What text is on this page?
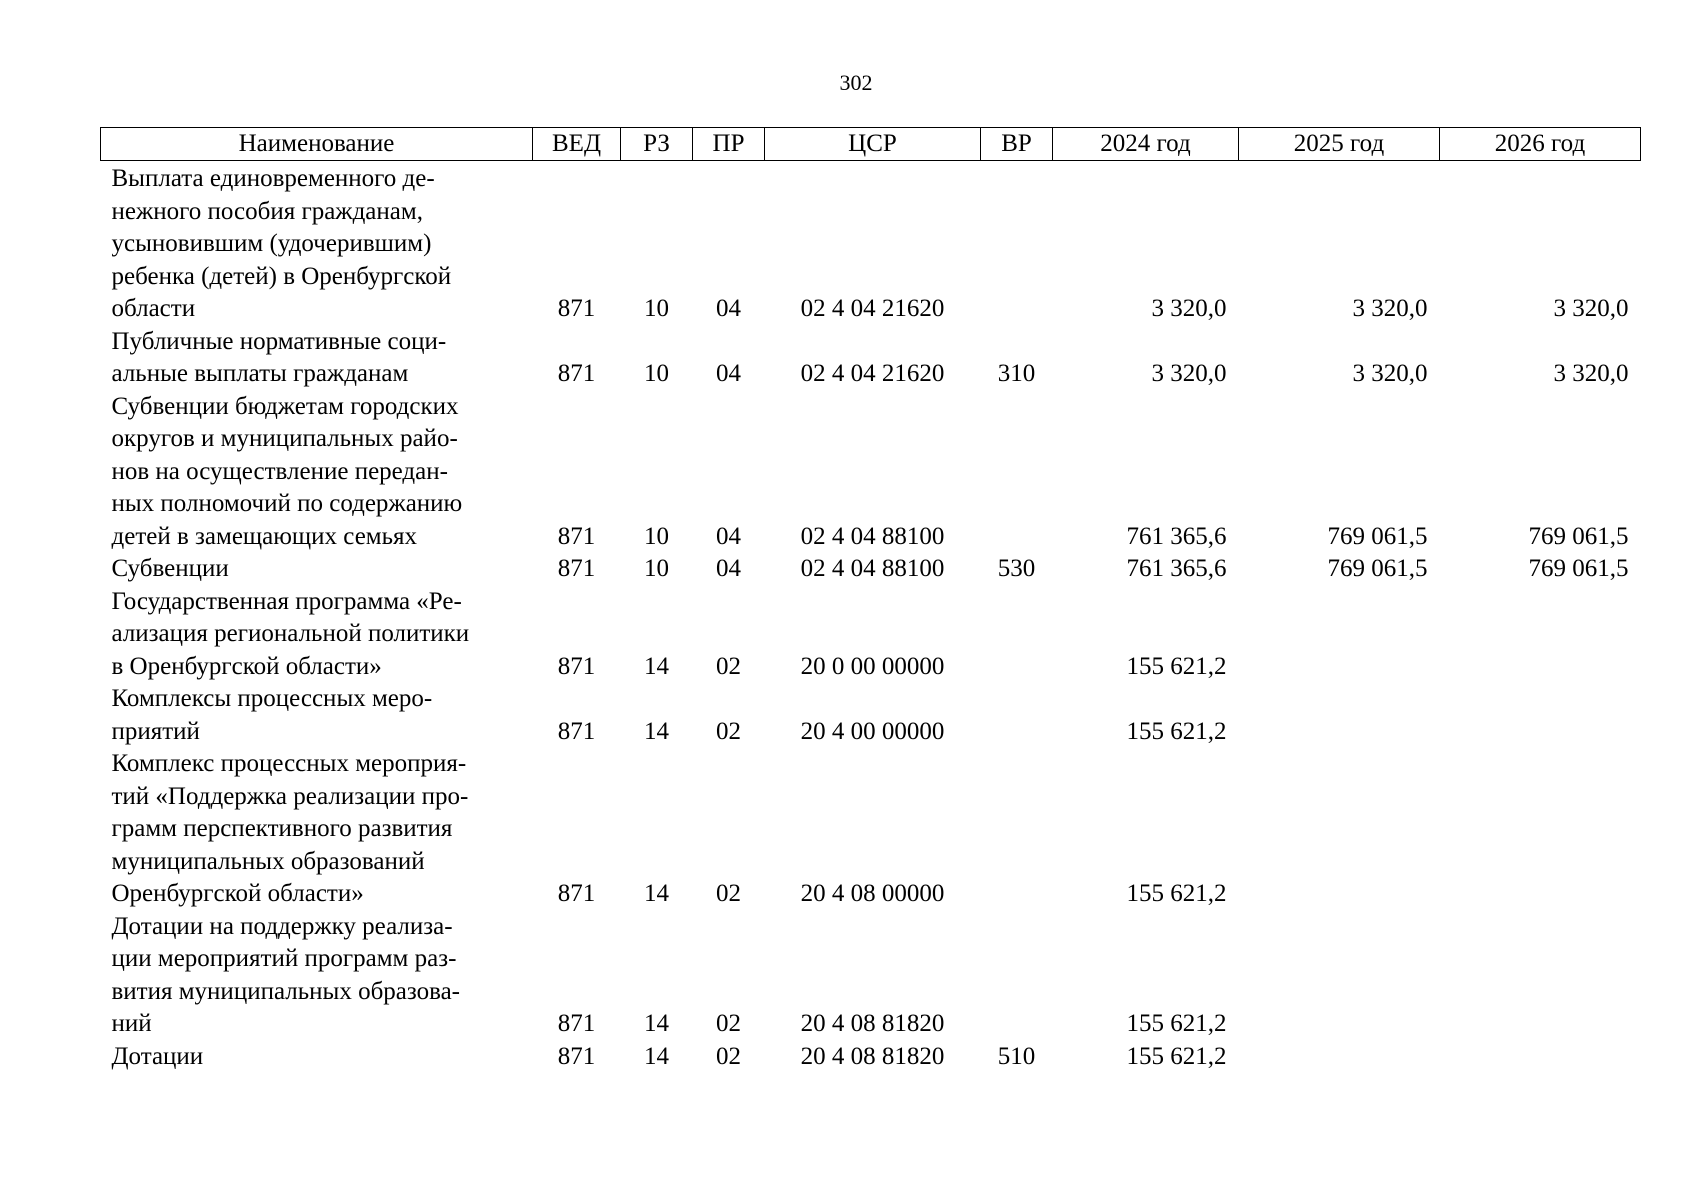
302
Наименование	ВЕД	РЗ	ПР	ЦСР	ВР	2024 год	2025 год	2026 год
Выплата единовременного де-
нежного пособия гражданам,
усыновившим (удочерившим)
ребенка (детей) в Оренбургской
области	871	10	04	02 4 04 21620		3 320,0	3 320,0	3 320,0
Публичные нормативные соци-
альные выплаты гражданам	871	10	04	02 4 04 21620	310	3 320,0	3 320,0	3 320,0
Субвенции бюджетам городских
округов и муниципальных райо-
нов на осуществление передан-
ных полномочий по содержанию
детей в замещающих семьях	871	10	04	02 4 04 88100		761 365,6	769 061,5	769 061,5
Субвенции	871	10	04	02 4 04 88100	530	761 365,6	769 061,5	769 061,5
Государственная программа «Ре-
ализация региональной политики
в Оренбургской области»	871	14	02	20 0 00 00000		155 621,2		
Комплексы процессных меро-
приятий	871	14	02	20 4 00 00000		155 621,2		
Комплекс процессных мероприя-
тий «Поддержка реализации про-
грамм перспективного развития
муниципальных образований
Оренбургской области»	871	14	02	20 4 08 00000		155 621,2		
Дотации на поддержку реализа-
ции мероприятий программ раз-
вития муниципальных образова-
ний	871	14	02	20 4 08 81820		155 621,2		
Дотации	871	14	02	20 4 08 81820	510	155 621,2		
